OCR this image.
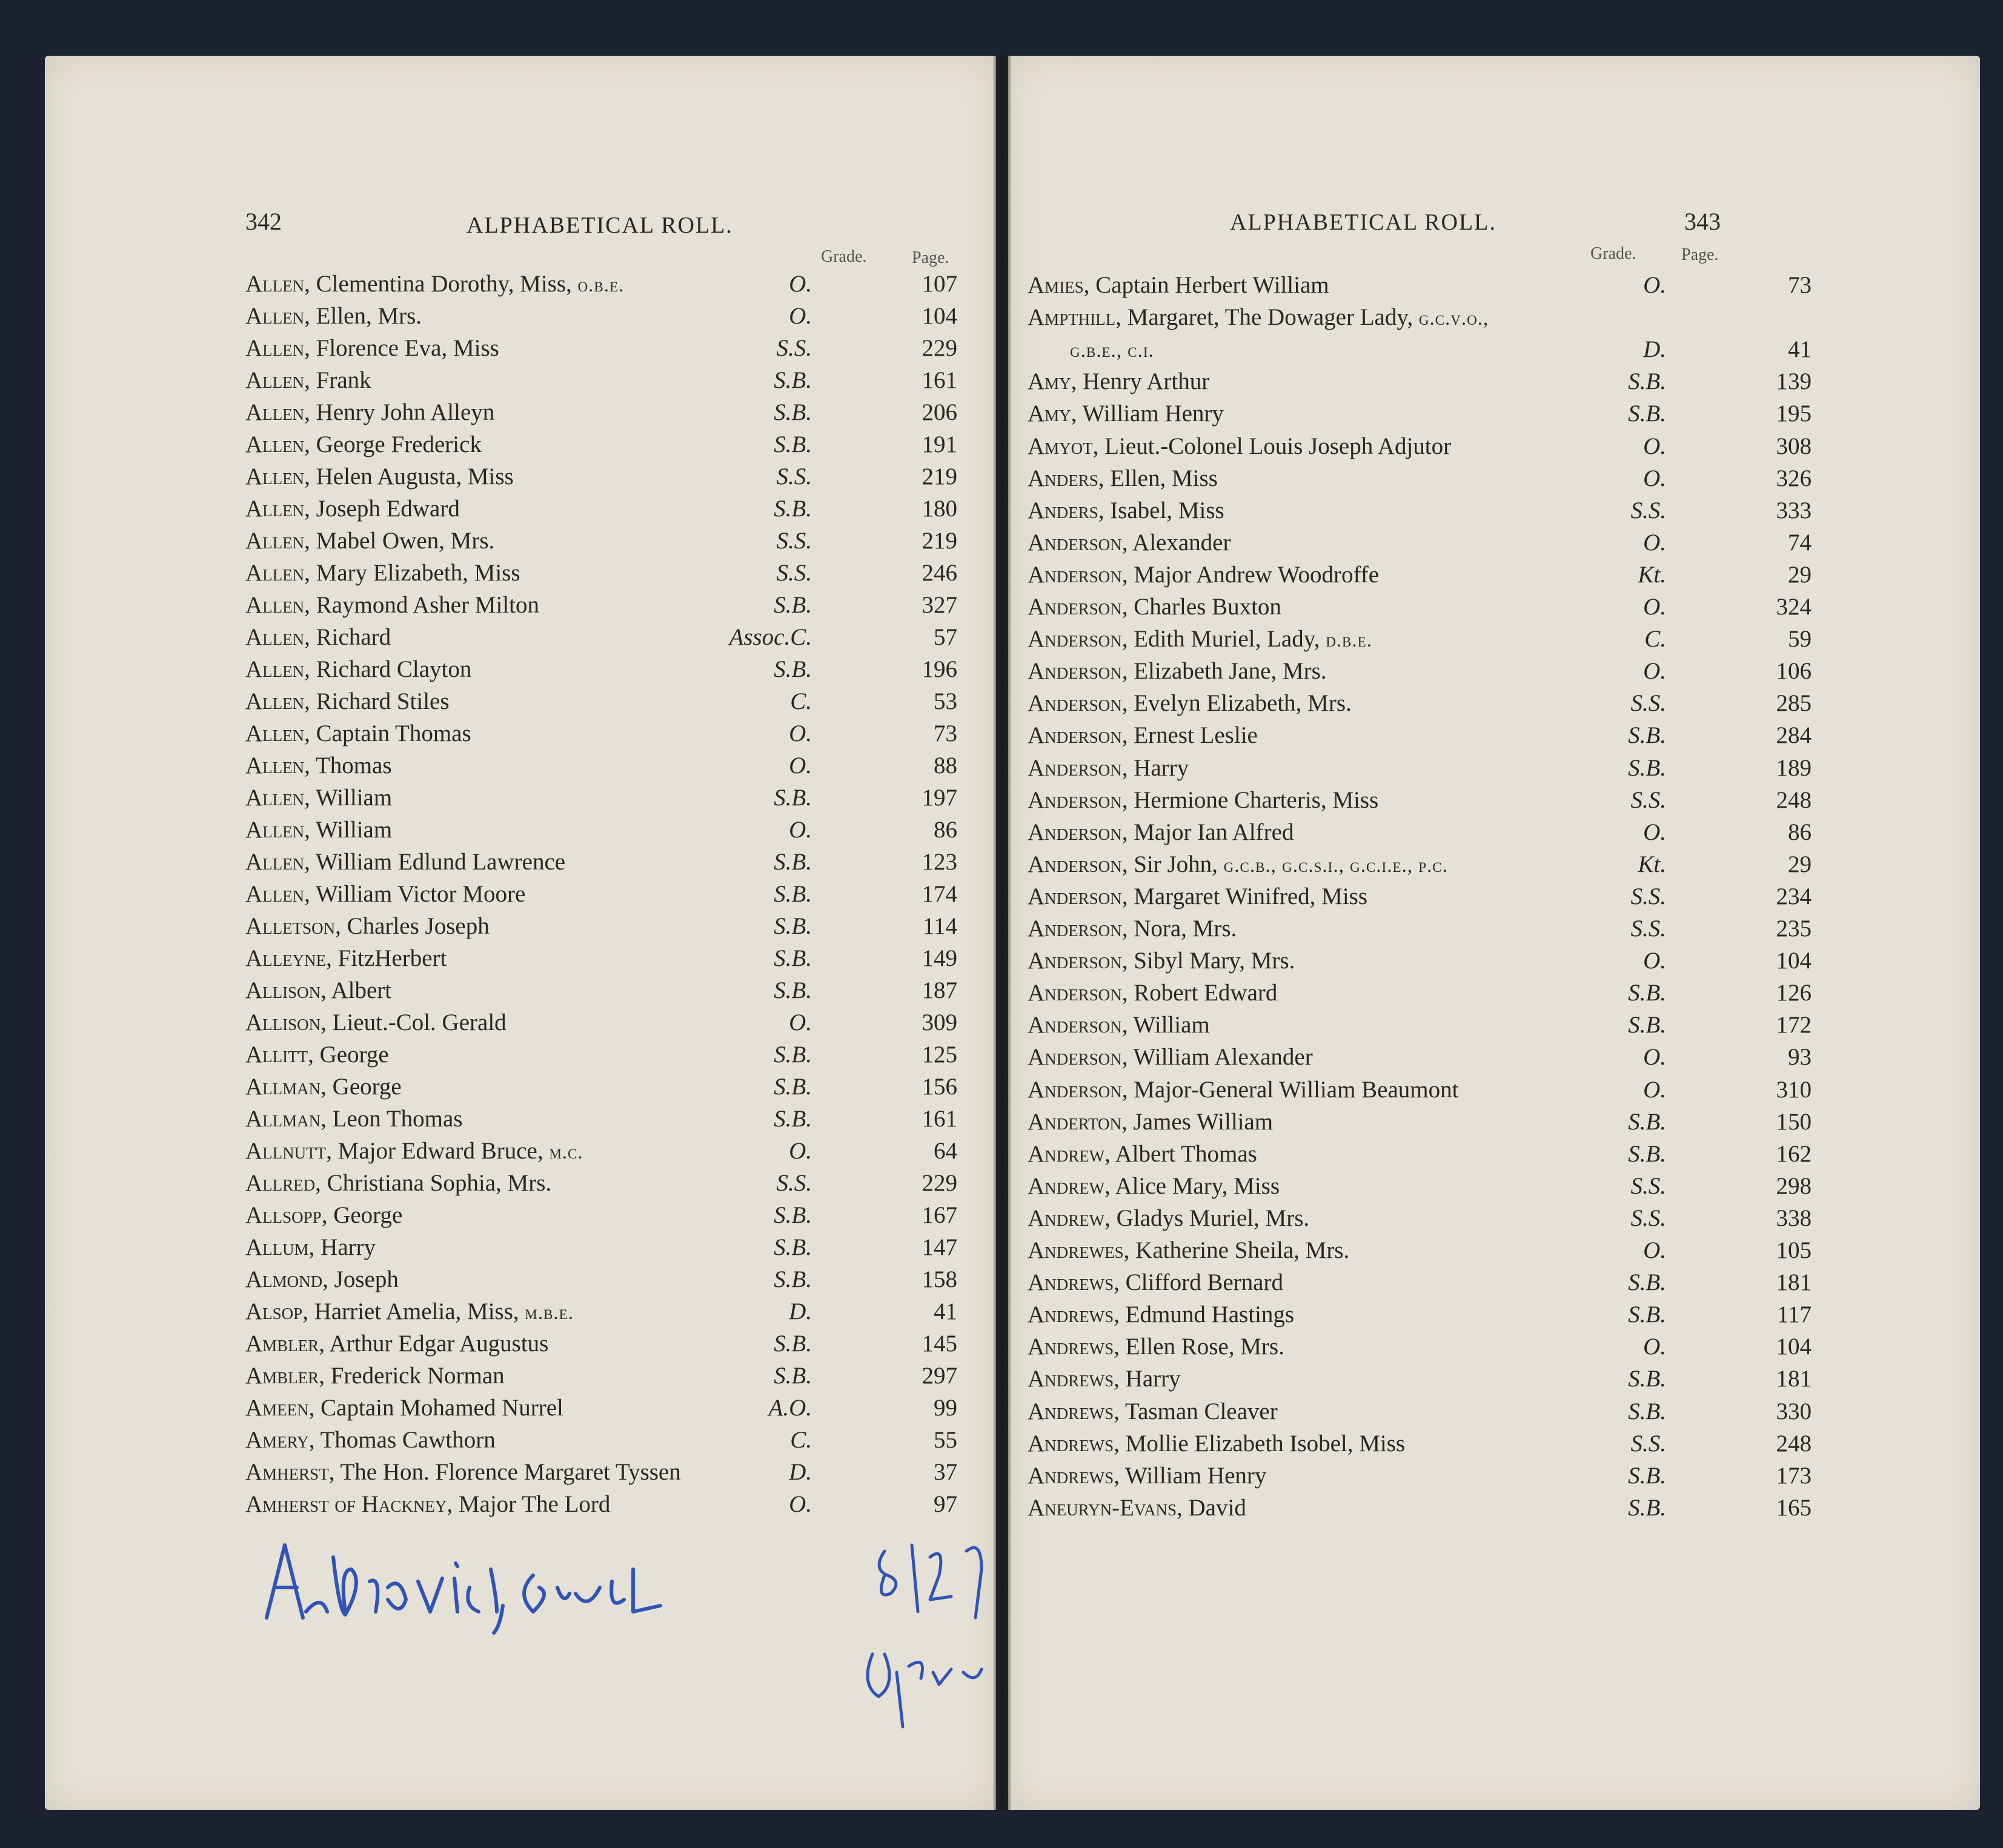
342	ALPHABETICAL ROLL.
Grade.	Page.
ALPHABETICAL ROLL.	343
Grade.	Page.
Allen, Clementina Dorothy, Miss, o.b.e.	O.	107
Allen, Ellen, Mrs.	O.	104
Allen, Florence Eva, Miss	S.S.	229
Allen, Frank	S.B.	161
Allen, Henry John Alleyn	S.B.	206
Allen, George Frederick	S.B.	191
Allen, Helen Augusta, Miss	S.S.	219
Allen, Joseph Edward	S.B.	180
Allen, Mabel Owen, Mrs.	S.S.	219
Allen, Mary Elizabeth, Miss	S.S.	246
Allen, Raymond Asher Milton	S.B.	327
Allen, Richard	Assoc.C.	57
Allen, Richard Clayton	S.B.	196
Allen, Richard Stiles	C.	53
Allen, Captain Thomas	O.	73
Allen, Thomas	O.	88
Allen, William	S.B.	197
Allen, William	O.	86
Allen, William Edlund Lawrence	S.B.	123
Allen, William Victor Moore	S.B.	174
Alletson, Charles Joseph	S.B.	114
Alleyne, FitzHerbert	S.B.	149
Allison, Albert	S.B.	187
Allison, Lieut.-Col. Gerald	O.	309
Allitt, George	S.B.	125
Allman, George	S.B.	156
Allman, Leon Thomas	S.B.	161
Allnutt, Major Edward Bruce, m.c.	O.	64
Allred, Christiana Sophia, Mrs.	S.S.	229
Allsopp, George	S.B.	167
Allum, Harry	S.B.	147
Almond, Joseph	S.B.	158
Alsop, Harriet Amelia, Miss, m.b.e.	D.	41
Ambler, Arthur Edgar Augustus	S.B.	145
Ambler, Frederick Norman	S.B.	297
Ameen, Captain Mohamed Nurrel	A.O.	99
Amery, Thomas Cawthorn	C.	55
Amherst, The Hon. Florence Margaret Tyssen	D.	37
Amherst of Hackney, Major The Lord	O.	97
Amies, Captain Herbert William	O.	73
Ampthill, Margaret, The Dowager Lady, g.c.v.o.,
g.b.e., c.i.	D.	41
Amy, Henry Arthur	S.B.	139
Amy, William Henry	S.B.	195
Amyot, Lieut.-Colonel Louis Joseph Adjutor	O.	308
Anders, Ellen, Miss	O.	326
Anders, Isabel, Miss	S.S.	333
Anderson, Alexander	O.	74
Anderson, Major Andrew Woodroffe	Kt.	29
Anderson, Charles Buxton	O.	324
Anderson, Edith Muriel, Lady, d.b.e.	C.	59
Anderson, Elizabeth Jane, Mrs.	O.	106
Anderson, Evelyn Elizabeth, Mrs.	S.S.	285
Anderson, Ernest Leslie	S.B.	284
Anderson, Harry	S.B.	189
Anderson, Hermione Charteris, Miss	S.S.	248
Anderson, Major Ian Alfred	O.	86
Anderson, Sir John, g.c.b., g.c.s.i., g.c.i.e., p.c.	Kt.	29
Anderson, Margaret Winifred, Miss	S.S.	234
Anderson, Nora, Mrs.	S.S.	235
Anderson, Sibyl Mary, Mrs.	O.	104
Anderson, Robert Edward	S.B.	126
Anderson, William	S.B.	172
Anderson, William Alexander	O.	93
Anderson, Major-General William Beaumont	O.	310
Anderton, James William	S.B.	150
Andrew, Albert Thomas	S.B.	162
Andrew, Alice Mary, Miss	S.S.	298
Andrew, Gladys Muriel, Mrs.	S.S.	338
Andrewes, Katherine Sheila, Mrs.	O.	105
Andrews, Clifford Bernard	S.B.	181
Andrews, Edmund Hastings	S.B.	117
Andrews, Ellen Rose, Mrs.	O.	104
Andrews, Harry	S.B.	181
Andrews, Tasman Cleaver	S.B.	330
Andrews, Mollie Elizabeth Isobel, Miss	S.S.	248
Andrews, William Henry	S.B.	173
Aneuryn-Evans, David	S.B.	165
